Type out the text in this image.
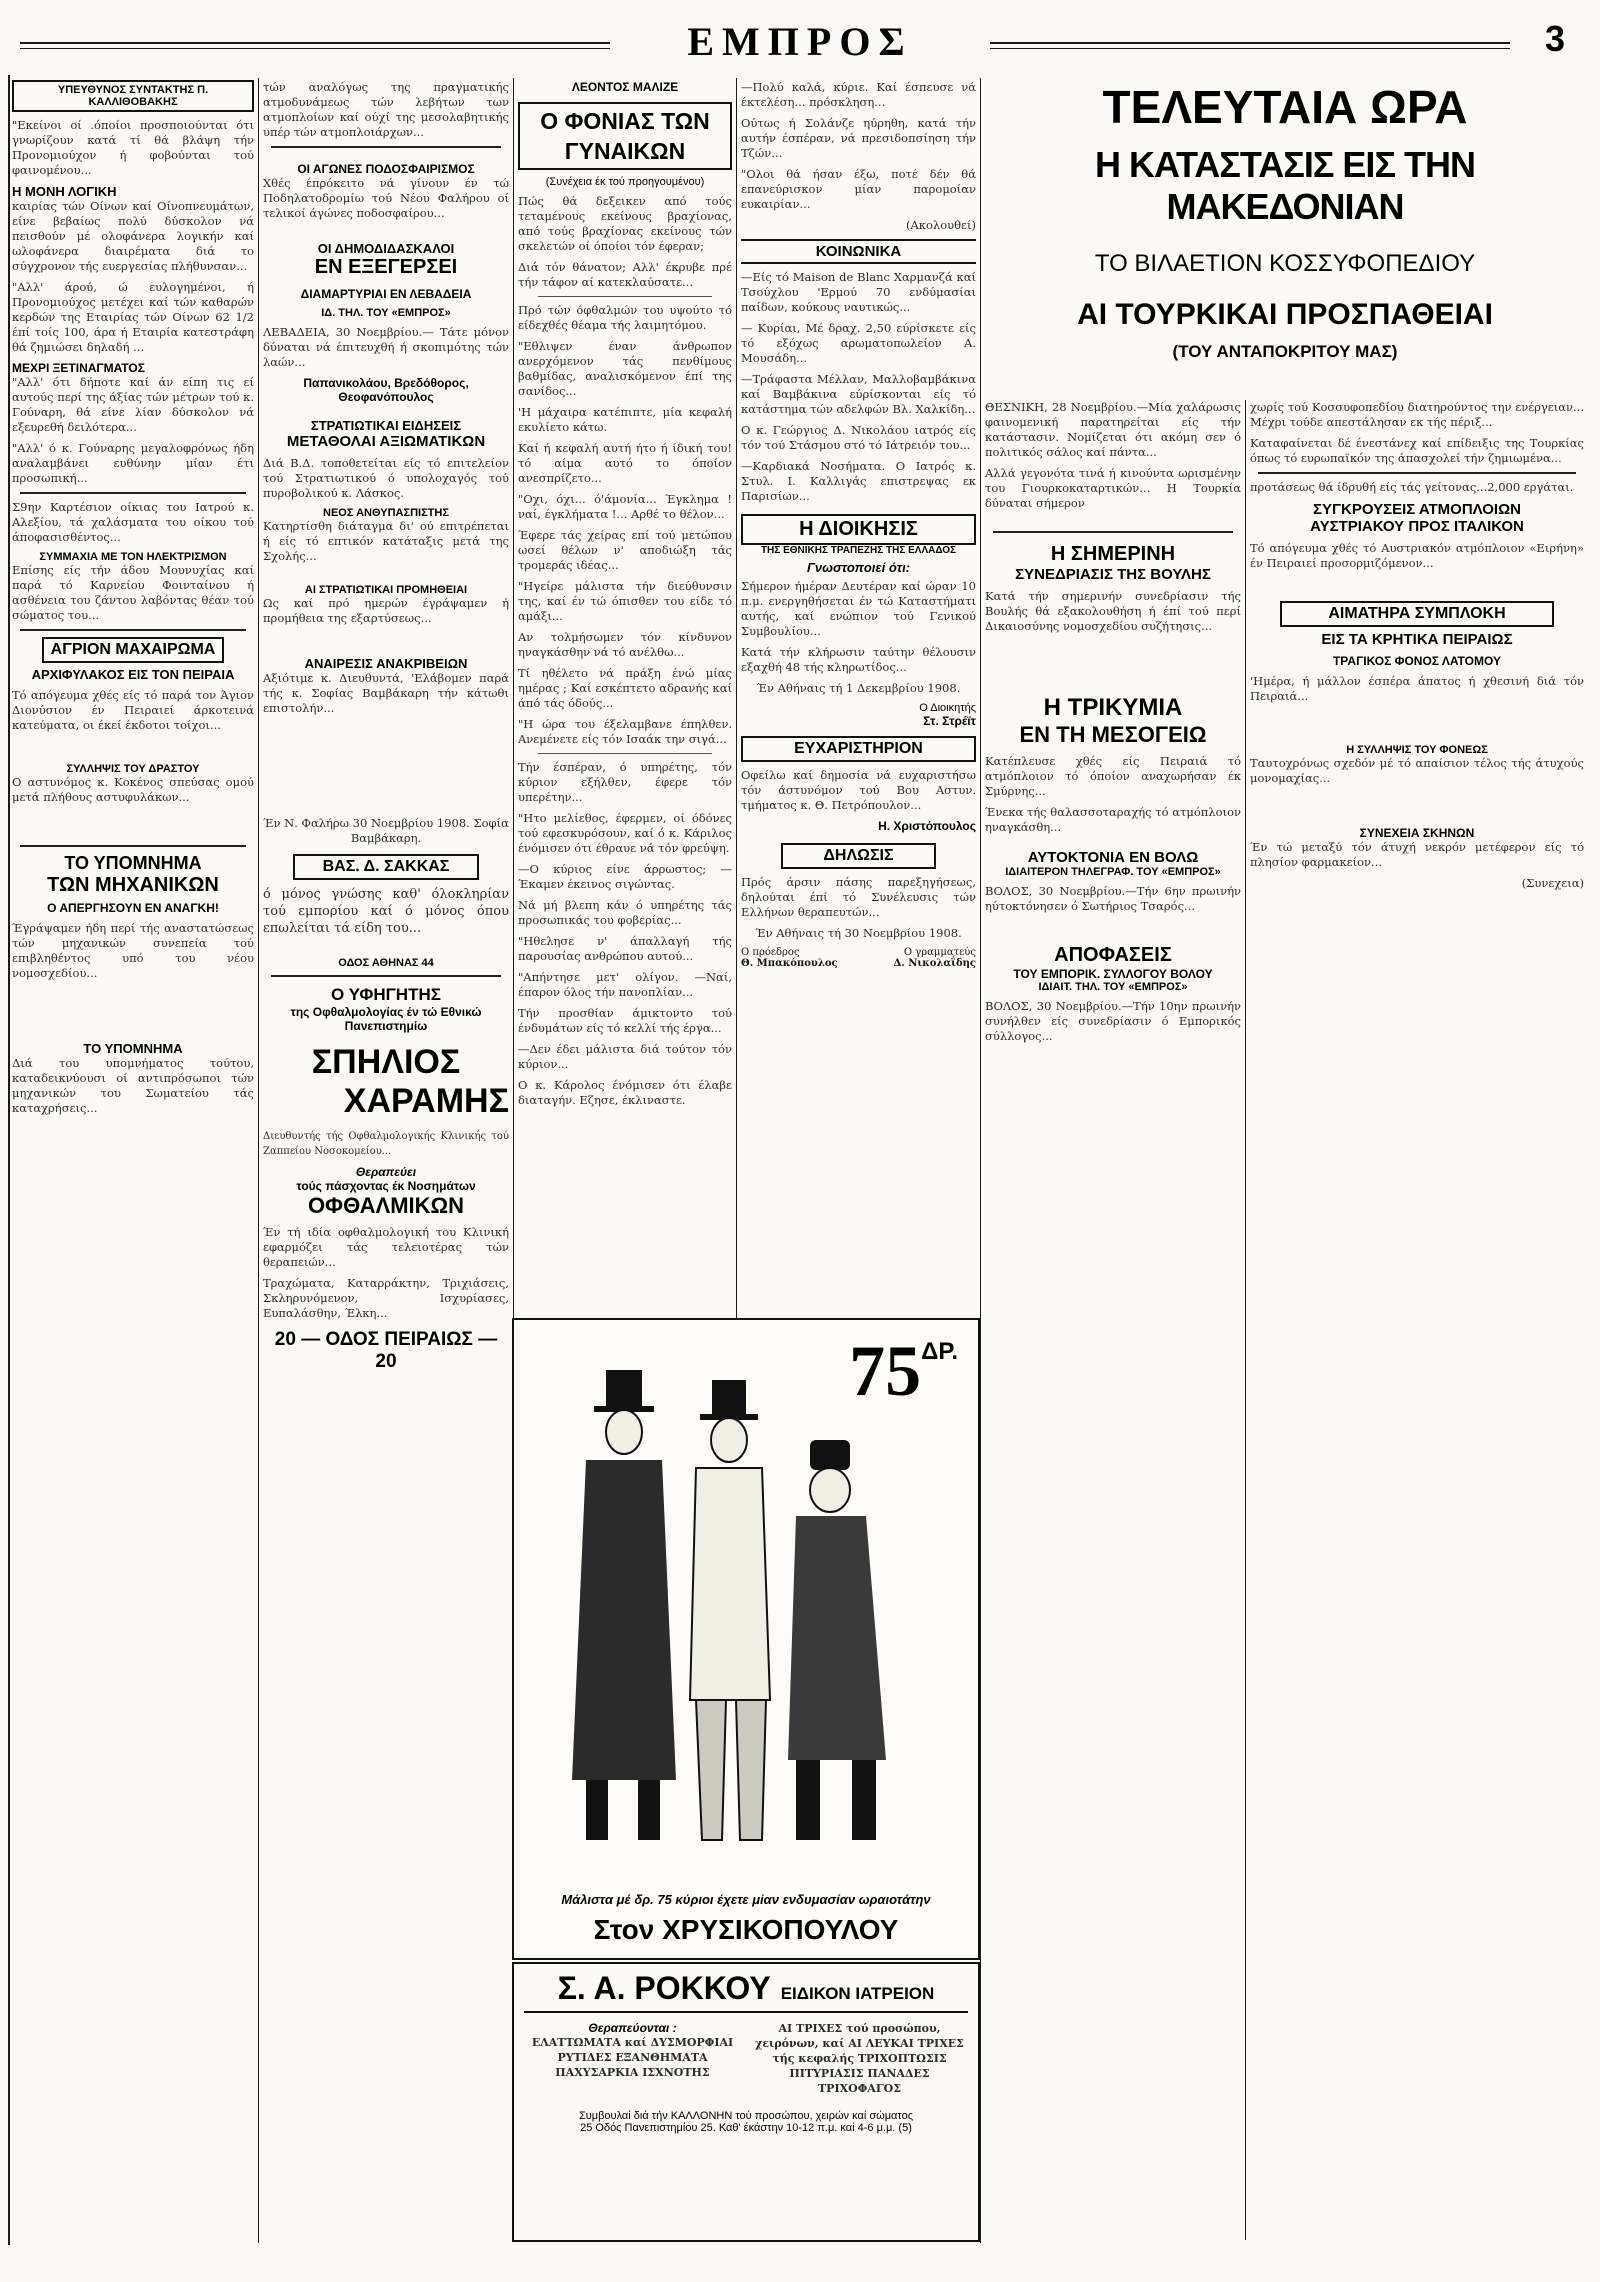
ΕΜΠΡΟΣ	3
ΥΠΕΥΘΥΝΟΣ ΣΥΝΤΑΚΤΗΣ Π. ΚΑΛΛΙΘΟΒΑΚΗΣ

"Εκείνοι οί .όποίοι προσποιούνται ότι γνωρίζουν κατά τί θά βλάψη τήν Προνομιούχον ή φοβούνται τού φαινομένου...

Η ΜΟΝΗ ΛΟΓΙΚΗ

καιρίας τών Οίνων καί Οίνοπνευμάτων, είνε βεβαίως πολύ δύσκολον νά πεισθούν μέ ολοφάνερα λογικήν καί ωλοφάνερα διαιρέματα διά το σύγχρονον τής ευεργεσίας πλήθυνσαν...

"Αλλ' άρού, ώ ευλογημένοι, ή Προνομιούχος μετέχει καί τών καθαρών κερδών της Εταιρίας τών Οίνων 62 1/2 έπί τοίς 100, άρα ή Εταιρία κατεστράφη θά ζημιώσει δηλαδή ...

ΜΕΧΡΙ ΞΕΤΙΝΑΓΜΑΤΟΣ

"Αλλ' ότι δήποτε καί άν είπη τις εί αυτούς περί της άξίας τών μέτρων τού κ. Γούναρη, θά είνε λίαν δύσκολον νά εξευρεθή δειλότερα...

"Αλλ' ό κ. Γούναρης μεγαλοφρόνως ήδη αναλαμβάνει ευθύνην μίαν έτι προσωπική...

Σ9ην Καρτέσιον οίκιας του Ιατρού κ. Αλεξίου, τά χαλάσματα του οίκου τού άποφασισθέντος...

ΣΥΜΜΑΧΙΑ ΜΕ ΤΟΝ ΗΛΕΚΤΡΙΣΜΟΝ

Επίσης είς τήν άδου Μουνυχίας καί παρά τό Καρνείου Φοινταίνου ή ασθένεια του ζάντου λαβόντας θέαν τού σώματος του...

ΑΓΡΙΟΝ ΜΑΧΑΙΡΩΜΑ
ΑΡΧΙΦΥΛΑΚΟΣ ΕΙΣ ΤΟΝ ΠΕΙΡΑΙΑ

Τό απόγευμα χθές είς τό παρά τον Άγιον Διονύσιον έν Πειραιεί άρκοτεινά κατεύματα, οι έκεί έκδοτοι τοίχοι...

ΣΥΛΛΗΨΙΣ ΤΟΥ ΔΡΑΣΤΟΥ

Ο αστυνόμος κ. Κοκένος σπεύσας ομού μετά πλήθους αστυφυλάκων...

ΤΟ ΥΠΟΜΝΗΜΑ
ΤΩΝ ΜΗΧΑΝΙΚΩΝ
Ο ΑΠΕΡΓΗΣΟΥΝ ΕΝ ΑΝΑΓΚΗ!

Έγράψαμεν ήδη περί τής αναστατώσεως τών μηχανικών συνεπεία τού επιβληθέντος υπό του νέου νομοσχεδίου...

ΤΟ ΥΠΟΜΝΗΜΑ

Διά του υπομνήματος τούτου, καταδεικνύουσι οί αντιπρόσωποι τών μηχανικών του Σωματείου τάς καταχρήσεις...

τών αναλόγως της πραγματικής ατμοδυνάμεως τών λεβήτων των ατμοπλοίων καί ούχί της μεσολαβητικής υπέρ τών ατμοπλοιάρχων...

ΟΙ ΑΓΩΝΕΣ ΠΟΔΟΣΦΑΙΡΙΣΜΟΣ

Χθές έπρόκειτο νά γίνουν έν τώ Ποδηλατοδρομίω τού Νέου Φαλήρου οί τελικοί άγώνες ποδοσφαίρου...

ΟΙ ΔΗΜΟΔΙΔΑΣΚΑΛΟΙ
ΕΝ ΕΞΕΓΕΡΣΕΙ
ΔΙΑΜΑΡΤΥΡΙΑΙ ΕΝ ΛΕΒΑΔΕΙΑ
ΙΔ. ΤΗΛ. ΤΟΥ «ΕΜΠΡΟΣ»

ΛΕΒΑΔΕΙΑ, 30 Νοεμβρίου.— Τάτε μόνον δύναται νά έπιτευχθή ή σκοπιμότης τών λαών...

Παπανικολάου, Βρεδόθορος, Θεοφανόπουλος
ΣΤΡΑΤΙΩΤΙΚΑΙ ΕΙΔΗΣΕΙΣ
ΜΕΤΑΘΟΛΑΙ ΑΞΙΩΜΑΤΙΚΩΝ

Διά Β.Δ. τοποθετείται είς τό επιτελείον τού Στρατιωτικού ό υπολοχαγός τού πυροβολικού κ. Λάσκος.

ΝΕΟΣ ΑΝΘΥΠΑΣΠΙΣΤΗΣ

Κατηρτίσθη διάταγμα δι' ού επιτρέπεται ή είς τό επτικόν κατάταξις μετά της Σχολής...

ΑΙ ΣΤΡΑΤΙΩΤΙΚΑΙ ΠΡΟΜΗΘΕΙΑΙ

Ως καί πρό ημερών έγράψαμεν ή προμήθεια της εξαρτύσεως...

ΑΝΑΙΡΕΣΙΣ ΑΝΑΚΡΙΒΕΙΩΝ

Αξιότιμε κ. Διευθυντά, 'Ελάβομεν παρά τής κ. Σοφίας Βαμβάκαρη τήν κάτωθι επιστολήν...

Έν Ν. Φαλήρω 30 Νοεμβρίου 1908. Σοφία Βαμβάκαρη.

ΒΑΣ. Δ. ΣΑΚΚΑΣ

ό μόνος γνώσης καθ' όλοκληρίαν τού εμπορίου καί ό μόνος όπου επωλείται τά είδη του...

ΟΔΟΣ ΑΘΗΝΑΣ 44
Ο ΥΦΗΓΗΤΗΣ
της Οφθαλμολογίας έν τώ Εθνικώ Πανεπιστημίω
ΣΠΗΛΙΟΣ
ΧΑΡΑΜΗΣ

Διευθυντής τής Οφθαλμολογικής Κλινικής τού Ζαππείου Νοσοκομείου...

Θεραπεύει
τούς πάσχοντας έκ Νοσημάτων
ΟΦΘΑΛΜΙΚΩΝ

Έν τή ιδία οφθαλμολογική του Κλινική εφαρμόζει τάς τελειοτέρας τών θεραπειών...

Τραχώματα, Καταρράκτην, Τριχιάσεις, Σκληρυνόμενον, Ισχυρίασες, Ευπαλάσθην, Έλκη...

20 — ΟΔΟΣ ΠΕΙΡΑΙΩΣ — 20
ΛΕΟΝΤΟΣ ΜΑΛΙΖΕ
Ο ΦΟΝΙΑΣ ΤΩΝ ΓΥΝΑΙΚΩΝ
(Συνέχεια έκ τού προηγουμένου)

Πώς θά δεξεικεν από τούς τεταμένους εκείνους βραχίονας, από τούς βραχίονας εκείνους τών σκελετών οί όποίοι τόν έφεραν;

Διά τόν θάνατον; Αλλ' έκρυβε πρέ τήν τάφον αί κατεκλαύσατε...

Πρό τών όφθαλμών του υψούτο τό είδεχθές θέαμα τής λαιμητόμου.

"Εθλιψεν έναν άνθρωπον ανερχόμενον τάς πενθίμους βαθμίδας, αναλισκόμενον έπί της σανίδος...

'Η μάχαιρα κατέπιπτε, μία κεφαλή εκυλίετο κάτω.

Καί ή κεφαλή αυτή ήτο ή ίδική του! τό αίμα αυτό το όποίον ανεσπρίζετο...

"Οχι, όχι... ό'άμονία... Έγκλημα ! ναί, έγκλήματα !... Αρθέ το θέλον...

Έφερε τάς χείρας επί τού μετώπου ωσεί θέλων ν' αποδιώξη τάς τρομεράς ιδέας...

"Ηγείρε μάλιστα τήν διεύθυνσιν της, καί έν τώ όπισθεν του είδε τό αμάξι...

Αν τολμήσωμεν τόν κίνδυνον ηναγκάσθην νά τό ανέλθω...

Τί ηθέλετο νά πράξη ένώ μίας ημέρας ; Καί εσκέπτετο αδρανής καί άπό τάς όδούς...

"Η ώρα του έξελαμβανε έπηλθεν. Ανεμένετε είς τόν Ισαάκ την σιγά...

Τήν έσπέραν, ό υπηρέτης, τόν κύριον εξήλθεν, έφερε τόν υπερέτην...

"Ητο μελίεθος, έφερμεν, οί όδόνες τού εφεσκυρόσουν, καί ό κ. Κάριλος ένόμισεν ότι έθραυε νά τόν φρεύψη.

—Ο κύριος είνε άρρωστος; —Έκαμεν έκεινος σιγώντας.

Νά μή βλεπη κάν ό υπηρέτης τάς προσωπικάς του φοβερίας...

"Ηθελησε ν' άπαλλαγή τής παρουσίας ανθρώπου αυτού...

"Απήντησε μετ' ολίγον. —Ναί, έπαρον όλος τήν πανοπλίαν...

Τήν προσθίαν άμικτοντο τού ένδυμάτων είς τό κελλί τής έργα...

—Δεν έδει μάλιστα διά τούτον τόν κύριον...

Ο κ. Κάρολος ένόμισεν ότι έλαβε διαταγήν. Εζησε, έκλιναστε.

—Πολύ καλά, κύριε. Καί έσπευσε νά έκτελέση... πρόσκληση...

Ούτως ή Σολάνζε ηύρηθη, κατά τήν αυτήν έσπέραν, νά πρεσιδοπσίηση τήν Τζών...

"Ολοι θά ήσαν έξω, ποτέ δέν θά επανεύρισκον μίαν παρομοίαν ευκαιρίαν...

(Ακολουθεί)

ΚΟΙΝΩΝΙΚΑ

—Είς τό Maison de Blanc Χαρμανζά καί Τσούχλου 'Ερμού 70 ενδύμασίαι παίδων, κούκους ναυτικώς...

— Κυρίαι, Μέ δραχ. 2,50 εύρίσκετε είς τό εξόχως αρωματοπωλείον Α. Μουσάδη...

—Τράφαστα Μέλλαν, Μαλλοβαμβάκινα καί Βαμβάκινα εύρίσκονται είς τό κατάστημα τών αδελφών Βλ. Χαλκίδη...

Ο κ. Γεώργιος Δ. Νικολάου ιατρός είς τόν τού Στάσμου στό τό Ιάτρειόν του...

—Καρδιακά Νοσήματα. Ο Ιατρός κ. Στυλ. Ι. Καλλιγάς επιστρεψας εκ Παρισίων...

Η ΔΙΟΙΚΗΣΙΣ
ΤΗΣ ΕΘΝΙΚΗΣ ΤΡΑΠΕΖΗΣ ΤΗΣ ΕΛΛΑΔΟΣ
Γνωστοποιεί ότι:

Σήμερον ήμέραν Δευτέραν καί ώραν 10 π.μ. ενεργηθήσεται έν τώ Καταστήματι αυτής, καί ενώπιον τού Γενικού Συμβουλίου...

Κατά τήν κλήρωσιν ταύτην θέλουσιν εξαχθή 48 τής κληρωτίδος...

Έν Αθήναις τή 1 Δεκεμβρίου 1908.

Ο Διοικητής
Στ. Στρέϊτ
ΕΥΧΑΡΙΣΤΗΡΙΟΝ

Οφείλω καί δημοσία νά ευχαριστήσω τόν άστυνόμον τού Βου Αστυν. τμήματος κ. Θ. Πετρόπουλον...

Η. Χριστόπουλος
ΔΗΛΩΣΙΣ

Πρός άρσιν πάσης παρεξηγήσεως, δηλούται έπί τό Συνέλευσις τών Ελλήνων θεραπευτών...

Έν Αθήναις τή 30 Νοεμβρίου 1908.

Ο πρόεδρος	Ο γραμματεύς
Θ. Μπακόπουλος	Δ. Νικολαΐδης
75 ΔΡ.
Μάλιστα μέ δρ. 75 κύριοι έχετε μίαν ενδυμασίαν ωραιοτάτην
Στον ΧΡΥΣΙΚΟΠΟΥΛΟΥ
Σ. Α. ΡΟΚΚΟΥ ΕΙΔΙΚΟΝ ΙΑΤΡΕΙΟΝ
Θεραπεύονται :

ΕΛΑΤΤΩΜΑΤΑ καί ΔΥΣΜΟΡΦΙΑΙ ΡΥΤΙΔΕΣ ΕΞΑΝΘΗΜΑΤΑ ΠΑΧΥΣΑΡΚΙΑ ΙΣΧΝΟΤΗΣ

ΑΙ ΤΡΙΧΕΣ τού προσώπου, χειρόνων, καί ΑΙ ΛΕΥΚΑΙ ΤΡΙΧΕΣ τής κεφαλής ΤΡΙΧΟΠΤΩΣΙΣ ΠΙΤΥΡΙΑΣΙΣ ΠΑΝΑΔΕΣ ΤΡΙΧΟΦΑΓΟΣ

Συμβουλαί διά τήν ΚΑΛΛΟΝΗΝ τού προσώπου, χειρών καί σώματος
25 Οδός Πανεπιστημίου 25. Καθ' έκάστην 10-12 π.μ. καί 4-6 μ.μ. (5)
ΤΕΛΕΥΤΑΙΑ ΩΡΑ
Η ΚΑΤΑΣΤΑΣΙΣ ΕΙΣ ΤΗΝ ΜΑΚΕΔΟΝΙΑΝ
ΤΟ ΒΙΛΑΕΤΙΟΝ ΚΟΣΣΥΦΟΠΕΔΙΟΥ
ΑΙ ΤΟΥΡΚΙΚΑΙ ΠΡΟΣΠΑΘΕΙΑΙ
(ΤΟΥ ΑΝΤΑΠΟΚΡΙΤΟΥ ΜΑΣ)

ΘΕΣΝΙΚΗ, 28 Νοεμβρίου.—Μία χαλάρωσις φαινομενική παρατηρείται είς τήν κατάστασιν. Νομίζεται ότι ακόμη σεν ό πολιτικός σάλος καί πάντα...

Αλλά γεγονότα τινά ή κινούντα ωρισμένην του Γιουρκοκαταρτικών... Η Τουρκία δύναται σήμερον

Η ΣΗΜΕΡΙΝΗ
ΣΥΝΕΔΡΙΑΣΙΣ ΤΗΣ ΒΟΥΛΗΣ

Κατά τήν σημερινήν συνεδρίασιν τής Βουλής θά εξακολουθήση ή έπί τού περί Δικαιοσύνης νομοσχεδίου συζήτησις...

Η ΤΡΙΚΥΜΙΑ
ΕΝ ΤΗ ΜΕΣΟΓΕΙΩ

Κατέπλευσε χθές είς Πειραιά τό ατμόπλοιον τό όποίον αναχωρήσαν έκ Σμύρνης...

Ένεκα τής θαλασσοταραχής τό ατμόπλοιον ηναγκάσθη...

ΑΥΤΟΚΤΟΝΙΑ ΕΝ ΒΟΛΩ
ΙΔΙΑΙΤΕΡΟΝ ΤΗΛΕΓΡΑΦ. ΤΟΥ «ΕΜΠΡΟΣ»

ΒΟΛΟΣ, 30 Νοεμβρίου.—Τήν 6ην πρωινήν ηύτοκτόνησεν ό Σωτήριος Τσαρός...

ΑΠΟΦΑΣΕΙΣ
ΤΟΥ ΕΜΠΟΡΙΚ. ΣΥΛΛΟΓΟΥ ΒΟΛΟΥ
ΙΔΙΑΙΤ. ΤΗΛ. ΤΟΥ «ΕΜΠΡΟΣ»

ΒΟΛΟΣ, 30 Νοεμβρίου.—Τήν 10ην πρωινήν συνήλθεν είς συνεδρίασιν ό Εμπορικός σύλλογος...

χωρίς τού Κοσσυφοπεδίου διατηρούντος την ενέργειαν... Μέχρι τούδε απεστάλησαν εκ τής πέριξ...

Καταφαίνεται δέ ένεστάνεχ καί επίδειξις της Τουρκίας όπως τό ευρωπαϊκόν της άπασχολεί τήν ζημιωμένα...

προτάσεως θά ίδρυθή είς τάς γείτονας...2,000 εργάται.

ΣΥΓΚΡΟΥΣΕΙΣ ΑΤΜΟΠΛΟΙΩΝ
ΑΥΣΤΡΙΑΚΟΥ ΠΡΟΣ ΙΤΑΛΙΚΟΝ

Τό απόγευμα χθές τό Αυστριακόν ατμόπλοιον «Ειρήνη» έν Πειραιεί προσορμιζόμενον...

ΑΙΜΑΤΗΡΑ ΣΥΜΠΛΟΚΗ
ΕΙΣ ΤΑ ΚΡΗΤΙΚΑ ΠΕΙΡΑΙΩΣ
ΤΡΑΓΙΚΟΣ ΦΟΝΟΣ ΛΑΤΟΜΟΥ

'Ημέρα, ή μάλλον έσπέρα άπατος ή χθεσινή διά τόν Πειραιά...

Η ΣΥΛΛΗΨΙΣ ΤΟΥ ΦΟΝΕΩΣ

Ταυτοχρόνως σχεδόν μέ τό απαίσιον τέλος τής άτυχούς μονομαχίας...

ΣΥΝΕΧΕΙΑ ΣΚΗΝΩΝ

Έν τώ μεταξύ τόν άτυχή νεκρόν μετέφερον είς τό πλησίον φαρμακείον...

(Συνεχεια)
